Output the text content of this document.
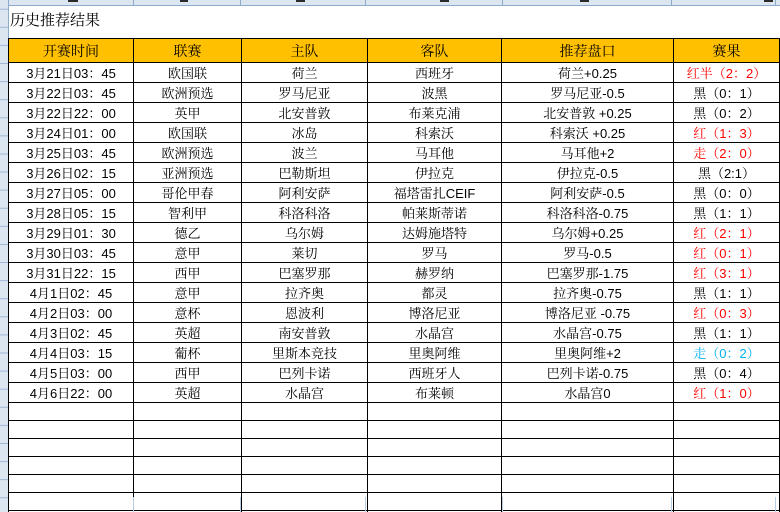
历史推荐结果
开赛时间	联赛	主队	客队	推荐盘口	赛果
3月21日03：45	欧国联	荷兰	西班牙	荷兰+0.25	红半（2：2）
3月22日03：45	欧洲预选	罗马尼亚	波黑	罗马尼亚-0.5	黑（0：1）
3月22日22：00	英甲	北安普敦	布莱克浦	北安普敦 +0.25	黑（0：2）
3月24日01：00	欧国联	冰岛	科索沃	科索沃 +0.25	红（1：3）
3月25日03：45	欧洲预选	波兰	马耳他	马耳他+2	走（2：0）
3月26日02：15	亚洲预选	巴勒斯坦	伊拉克	伊拉克-0.5	黑（2:1）
3月27日05：00	哥伦甲春	阿利安萨	福塔雷扎CEIF	阿利安萨-0.5	黑（0：0）
3月28日05：15	智利甲	科洛科洛	帕莱斯蒂诺	科洛科洛-0.75	黑（1：1）
3月29日01：30	德乙	乌尔姆	达姆施塔特	乌尔姆+0.25	红（2：1）
3月30日03：45	意甲	莱切	罗马	罗马-0.5	红（0：1）
3月31日22：15	西甲	巴塞罗那	赫罗纳	巴塞罗那-1.75	红（3：1）
4月1日02：45	意甲	拉齐奥	都灵	拉齐奥-0.75	黑（1：1）
4月2日03：00	意杯	恩波利	博洛尼亚	博洛尼亚 -0.75	红（0：3）
4月3日02：45	英超	南安普敦	水晶宫	水晶宫-0.75	黑（1：1）
4月4日03：15	葡杯	里斯本竞技	里奥阿维	里奥阿维+2	走（0：2）
4月5日03：00	西甲	巴列卡诺	西班牙人	巴列卡诺-0.75	黑（0：4）
4月6日22：00	英超	水晶宫	布莱顿	水晶宫0	红（1：0）
